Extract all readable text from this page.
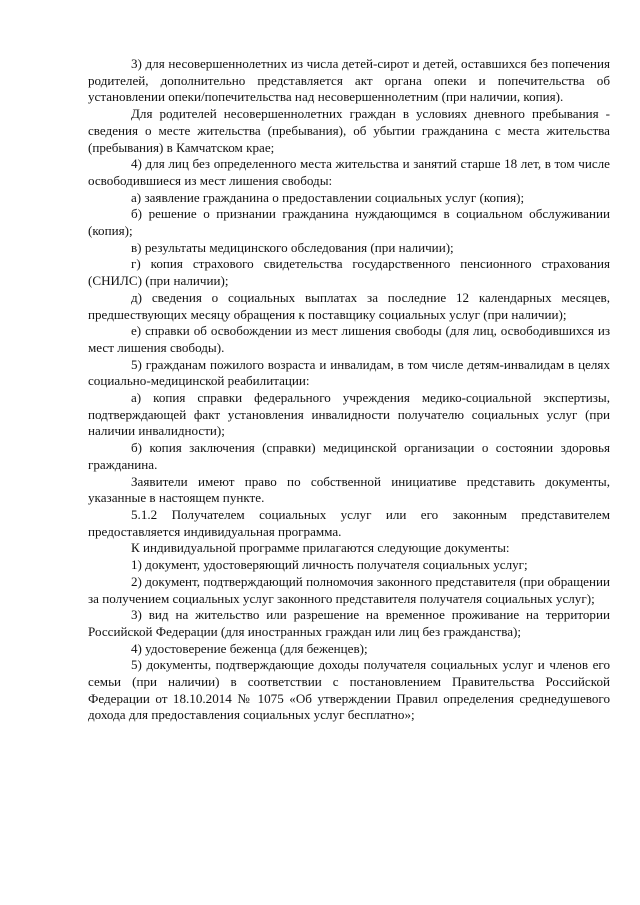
3) для несовершеннолетних из числа детей-сирот и детей, оставшихся без попечения родителей, дополнительно представляется акт органа опеки и попечительства об установлении опеки/попечительства над несовершеннолетним (при наличии, копия).

Для родителей несовершеннолетних граждан в условиях дневного пребывания - сведения о месте жительства (пребывания), об убытии гражданина с места жительства (пребывания) в Камчатском крае;

4) для лиц без определенного места жительства и занятий старше 18 лет, в том числе освободившиеся из мест лишения свободы:

а) заявление гражданина о предоставлении социальных услуг (копия);

б) решение о признании гражданина нуждающимся в социальном обслуживании (копия);

в) результаты медицинского обследования (при наличии);

г) копия страхового свидетельства государственного пенсионного страхования (СНИЛС) (при наличии);

д) сведения о социальных выплатах за последние 12 календарных месяцев, предшествующих месяцу обращения к поставщику социальных услуг (при наличии);

е) справки об освобождении из мест лишения свободы (для лиц, освободившихся из мест лишения свободы).

5) гражданам пожилого возраста и инвалидам, в том числе детям-инвалидам в целях социально-медицинской реабилитации:

а) копия справки федерального учреждения медико-социальной экспертизы, подтверждающей факт установления инвалидности получателю социальных услуг (при наличии инвалидности);

б) копия заключения (справки) медицинской организации о состоянии здоровья гражданина.

Заявители имеют право по собственной инициативе представить документы, указанные в настоящем пункте.

5.1.2 Получателем социальных услуг или его законным представителем предоставляется индивидуальная программа.

К индивидуальной программе прилагаются следующие документы:

1) документ, удостоверяющий личность получателя социальных услуг;

2) документ, подтверждающий полномочия законного представителя (при обращении за получением социальных услуг законного представителя получателя социальных услуг);

3) вид на жительство или разрешение на временное проживание на территории Российской Федерации (для иностранных граждан или лиц без гражданства);

4) удостоверение беженца (для беженцев);

5) документы, подтверждающие доходы получателя социальных услуг и членов его семьи (при наличии) в соответствии с постановлением Правительства Российской Федерации от 18.10.2014 № 1075 «Об утверждении Правил определения среднедушевого дохода для предоставления социальных услуг бесплатно»;
